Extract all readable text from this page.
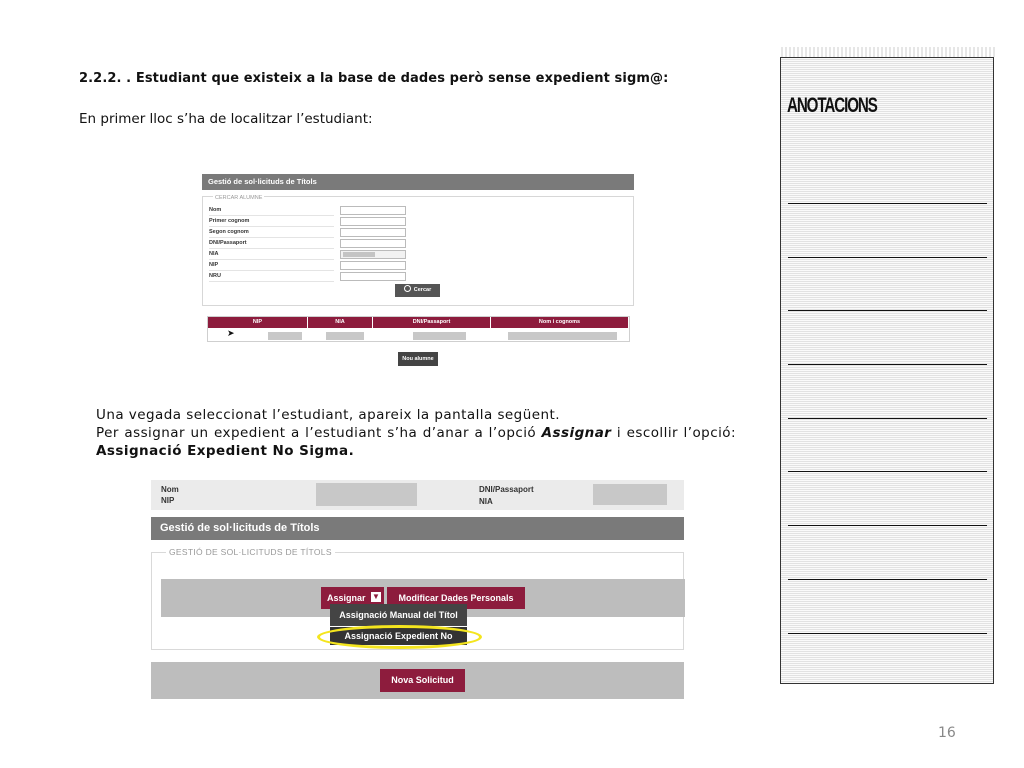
2.2.2. . Estudiant que existeix a la base de dades però sense expedient sigm@:
En primer lloc s’ha de localitzar l’estudiant:
Gestió de sol·licituds de Títols
CERCAR ALUMNE
Nom
Primer cognom
Segon cognom
DNI/Passaport
NIA
NIP
NRU
Cercar
NIP	NIA	DNI/Passaport	Nom i cognoms
➤
Nou alumne

Una vegada seleccionat l’estudiant, apareix la pantalla següent.

Per assignar un expedient a l’estudiant s’ha d’anar a l’opció Assignar i escollir l’opció: Assignació Expedient No Sigma.

Nom
NIP
DNI/Passaport
NIA
Gestió de sol·licituds de Títols
GESTIÓ DE SOL·LICITUDS DE TÍTOLS
Assignar ▼	Modificar Dades Personals
Assignació Manual del Títol
Assignació Expedient No Sigma
Nova Solicitud
ANOTACIONS
16
